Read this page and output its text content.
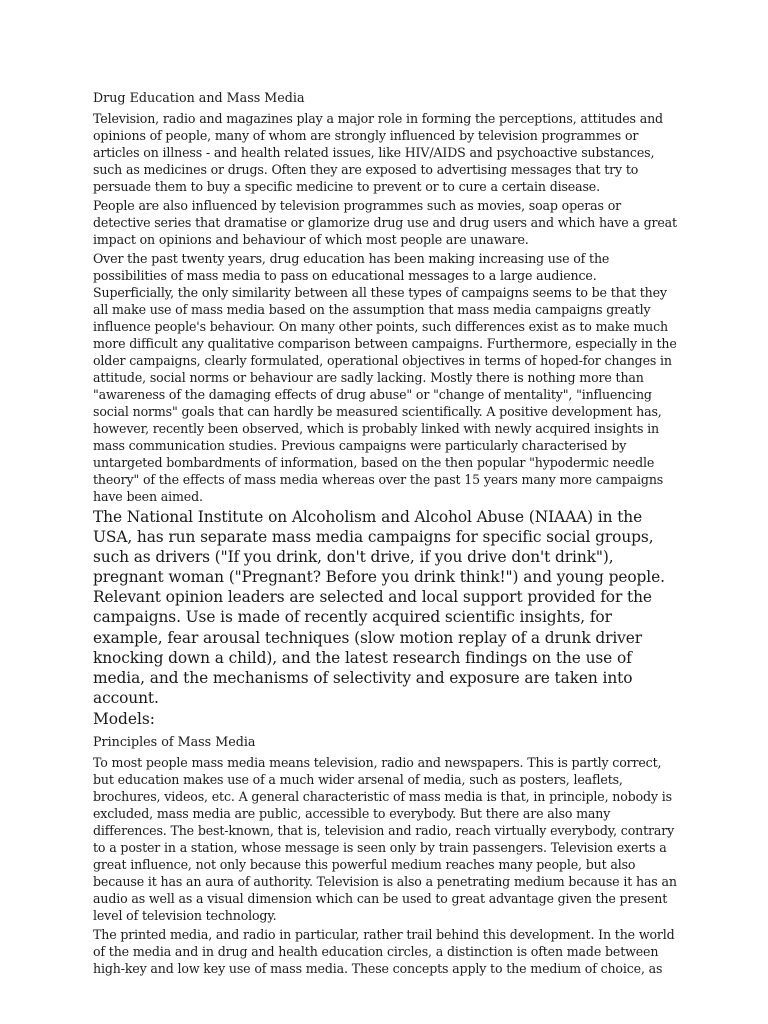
Drug Education and Mass Media

Television, radio and magazines play a major role in forming the perceptions, attitudes and opinions of people, many of whom are strongly influenced by television programmes or articles on illness - and health related issues, like HIV/AIDS and psychoactive substances, such as medicines or drugs. Often they are exposed to advertising messages that try to persuade them to buy a specific medicine to prevent or to cure a certain disease.

People are also influenced by television programmes such as movies, soap operas or detective series that dramatise or glamorize drug use and drug users and which have a great impact on opinions and behaviour of which most people are unaware.

Over the past twenty years, drug education has been making increasing use of the possibilities of mass media to pass on educational messages to a large audience. Superficially, the only similarity between all these types of campaigns seems to be that they all make use of mass media based on the assumption that mass media campaigns greatly influence people's behaviour. On many other points, such differences exist as to make much more difficult any qualitative comparison between campaigns. Furthermore, especially in the older campaigns, clearly formulated, operational objectives in terms of hoped-for changes in attitude, social norms or behaviour are sadly lacking. Mostly there is nothing more than "awareness of the damaging effects of drug abuse" or "change of mentality", "influencing social norms" goals that can hardly be measured scientifically. A positive development has, however, recently been observed, which is probably linked with newly acquired insights in mass communication studies. Previous campaigns were particularly characterised by untargeted bombardments of information, based on the then popular "hypodermic needle theory" of the effects of mass media whereas over the past 15 years many more campaigns have been aimed.

The National Institute on Alcoholism and Alcohol Abuse (NIAAA) in the USA, has run separate mass media campaigns for specific social groups, such as drivers ("If you drink, don't drive, if you drive don't drink"), pregnant woman ("Pregnant? Before you drink think!") and young people. Relevant opinion leaders are selected and local support provided for the campaigns. Use is made of recently acquired scientific insights, for example, fear arousal techniques (slow motion replay of a drunk driver knocking down a child), and the latest research findings on the use of media, and the mechanisms of selectivity and exposure are taken into account.

Models:
Principles of Mass Media

To most people mass media means television, radio and newspapers. This is partly correct, but education makes use of a much wider arsenal of media, such as posters, leaflets, brochures, videos, etc. A general characteristic of mass media is that, in principle, nobody is excluded, mass media are public, accessible to everybody. But there are also many differences. The best-known, that is, television and radio, reach virtually everybody, contrary to a poster in a station, whose message is seen only by train passengers. Television exerts a great influence, not only because this powerful medium reaches many people, but also because it has an aura of authority. Television is also a penetrating medium because it has an audio as well as a visual dimension which can be used to great advantage given the present level of television technology.

The printed media, and radio in particular, rather trail behind this development. In the world of the media and in drug and health education circles, a distinction is often made between high-key and low key use of mass media. These concepts apply to the medium of choice, as
